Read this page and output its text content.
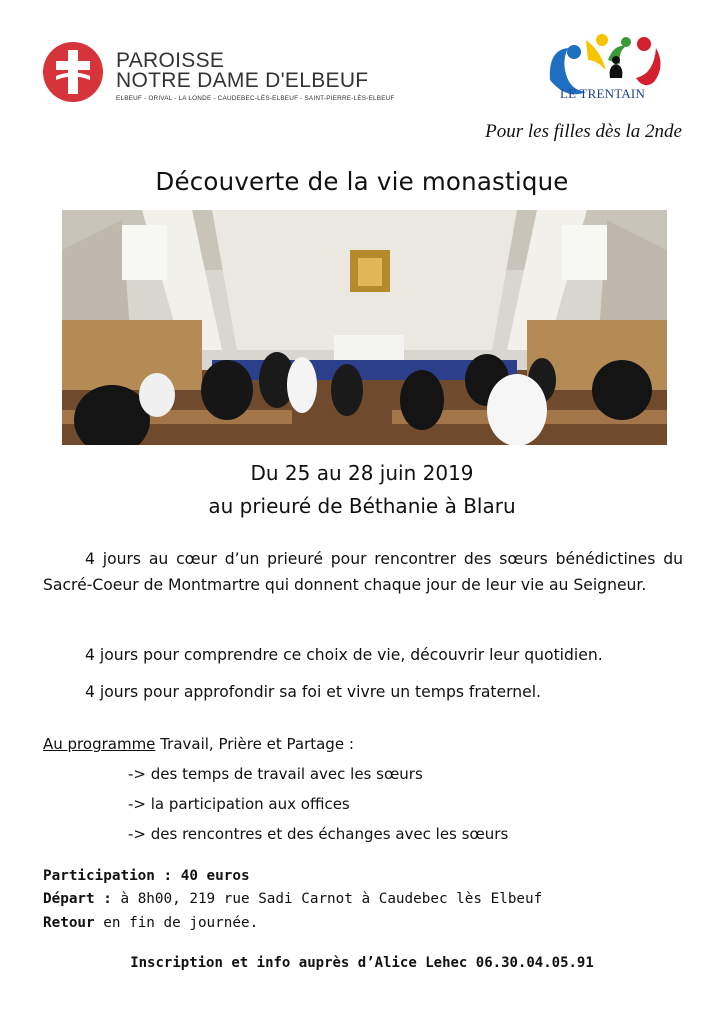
PAROISSE
NOTRE DAME D'ELBEUF
ELBEUF - ORIVAL - LA LONDE - CAUDEBEC-LÈS-ELBEUF - SAINT-PIERRE-LÈS-ELBEUF	LE TRENTAIN
Pour les filles dès la 2nde
Découverte de la vie monastique
Du 25 au 28 juin 2019
au prieuré de Béthanie à Blaru

4 jours au cœur d’un prieuré pour rencontrer des sœurs bénédictines du Sacré-Coeur de Montmartre qui donnent chaque jour de leur vie au Seigneur.

4 jours pour comprendre ce choix de vie, découvrir leur quotidien.

4 jours pour approfondir sa foi et vivre un temps fraternel.

Au programme Travail, Prière et Partage :
-> des temps de travail avec les sœurs
-> la participation aux offices
-> des rencontres et des échanges avec les sœurs
Participation : 40 euros
Départ : à 8h00, 219 rue Sadi Carnot à Caudebec lès Elbeuf
Retour en fin de journée.
Inscription et info auprès d’Alice Lehec 06.30.04.05.91
